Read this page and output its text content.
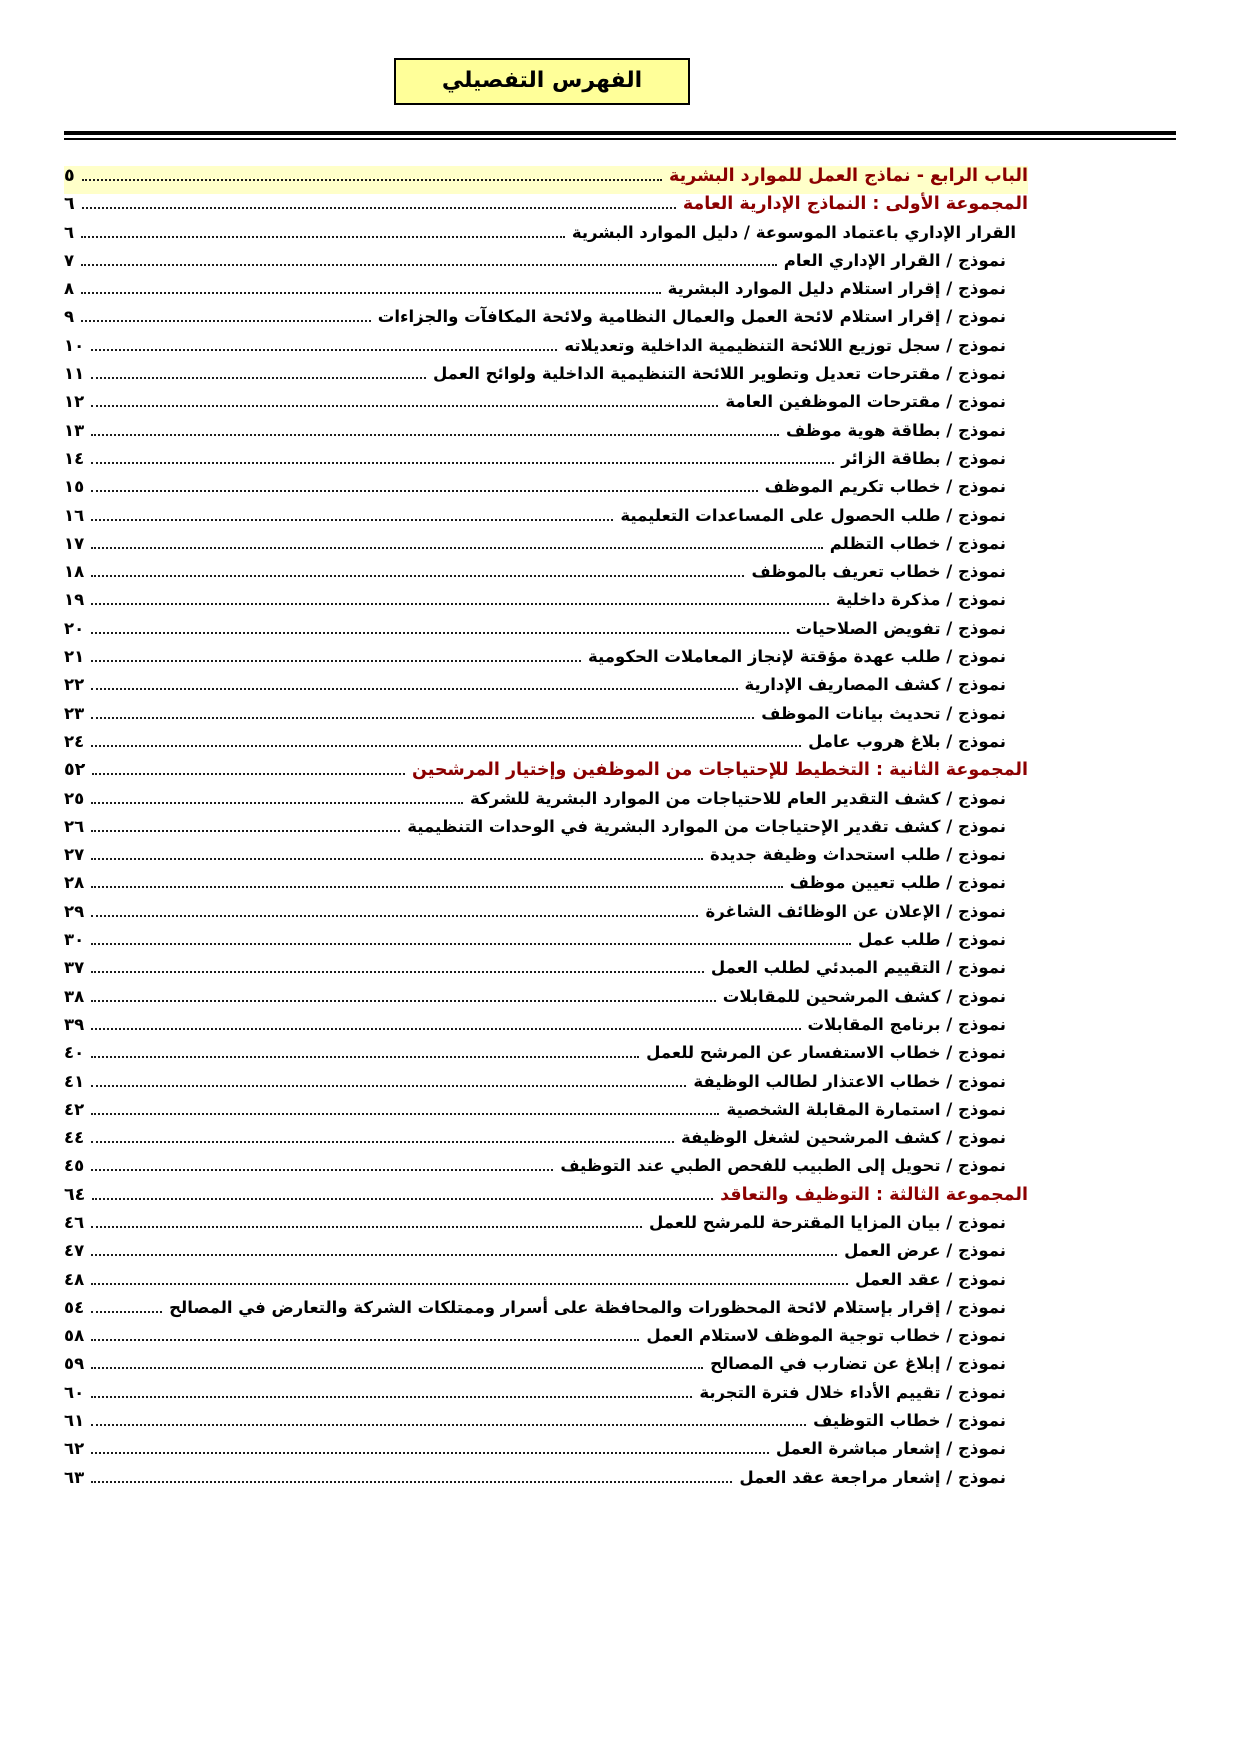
الفهرس التفصيلي
الباب الرابع - نماذج العمل للموارد البشرية
٥
المجموعة الأولى : النماذج الإدارية العامة
٦
القرار الإداري باعتماد الموسوعة / دليل الموارد البشرية
٦
نموذج / القرار الإداري العام
٧
نموذج / إقرار استلام دليل الموارد البشرية
٨
نموذج / إقرار استلام لائحة العمل والعمال النظامية ولائحة المكافآت والجزاءات
٩
نموذج / سجل توزيع اللائحة التنظيمية الداخلية وتعديلاته
١٠
نموذج / مقترحات تعديل وتطوير اللائحة التنظيمية الداخلية ولوائح العمل
١١
نموذج / مقترحات الموظفين العامة
١٢
نموذج / بطاقة هوية موظف
١٣
نموذج / بطاقة الزائر
١٤
نموذج / خطاب تكريم الموظف
١٥
نموذج / طلب الحصول على المساعدات التعليمية
١٦
نموذج / خطاب التظلم
١٧
نموذج / خطاب تعريف بالموظف
١٨
نموذج / مذكرة داخلية
١٩
نموذج / تفويض الصلاحيات
٢٠
نموذج / طلب عهدة مؤقتة لإنجاز المعاملات الحكومية
٢١
نموذج / كشف المصاريف الإدارية
٢٢
نموذج / تحديث بيانات الموظف
٢٣
نموذج / بلاغ هروب عامل
٢٤
المجموعة الثانية : التخطيط للإحتياجات من الموظفين وإختيار المرشحين
٥٢
نموذج / كشف التقدير العام للاحتياجات من الموارد البشرية للشركة
٢٥
نموذج / كشف تقدير الإحتياجات من الموارد البشرية في الوحدات التنظيمية
٢٦
نموذج / طلب استحداث وظيفة جديدة
٢٧
نموذج / طلب تعيين موظف
٢٨
نموذج / الإعلان عن الوظائف الشاغرة
٢٩
نموذج / طلب عمل
٣٠
نموذج / التقييم المبدئي لطلب العمل
٣٧
نموذج / كشف المرشحين للمقابلات
٣٨
نموذج / برنامج المقابلات
٣٩
نموذج / خطاب الاستفسار عن المرشح للعمل
٤٠
نموذج / خطاب الاعتذار لطالب الوظيفة
٤١
نموذج / استمارة المقابلة الشخصية
٤٢
نموذج / كشف المرشحين لشغل الوظيفة
٤٤
نموذج / تحويل إلى الطبيب للفحص الطبي عند التوظيف
٤٥
المجموعة الثالثة : التوظيف والتعاقد
٦٤
نموذج / بيان المزايا المقترحة للمرشح للعمل
٤٦
نموذج / عرض العمل
٤٧
نموذج / عقد العمل
٤٨
نموذج / إقرار بإستلام لائحة المحظورات والمحافظة على أسرار وممتلكات الشركة والتعارض في المصالح
٥٤
نموذج / خطاب توجية الموظف لاستلام العمل
٥٨
نموذج / إبلاغ عن تضارب في المصالح
٥٩
نموذج / تقييم الأداء خلال فترة التجربة
٦٠
نموذج / خطاب التوظيف
٦١
نموذج / إشعار مباشرة العمل
٦٢
نموذج / إشعار مراجعة عقد العمل
٦٣
